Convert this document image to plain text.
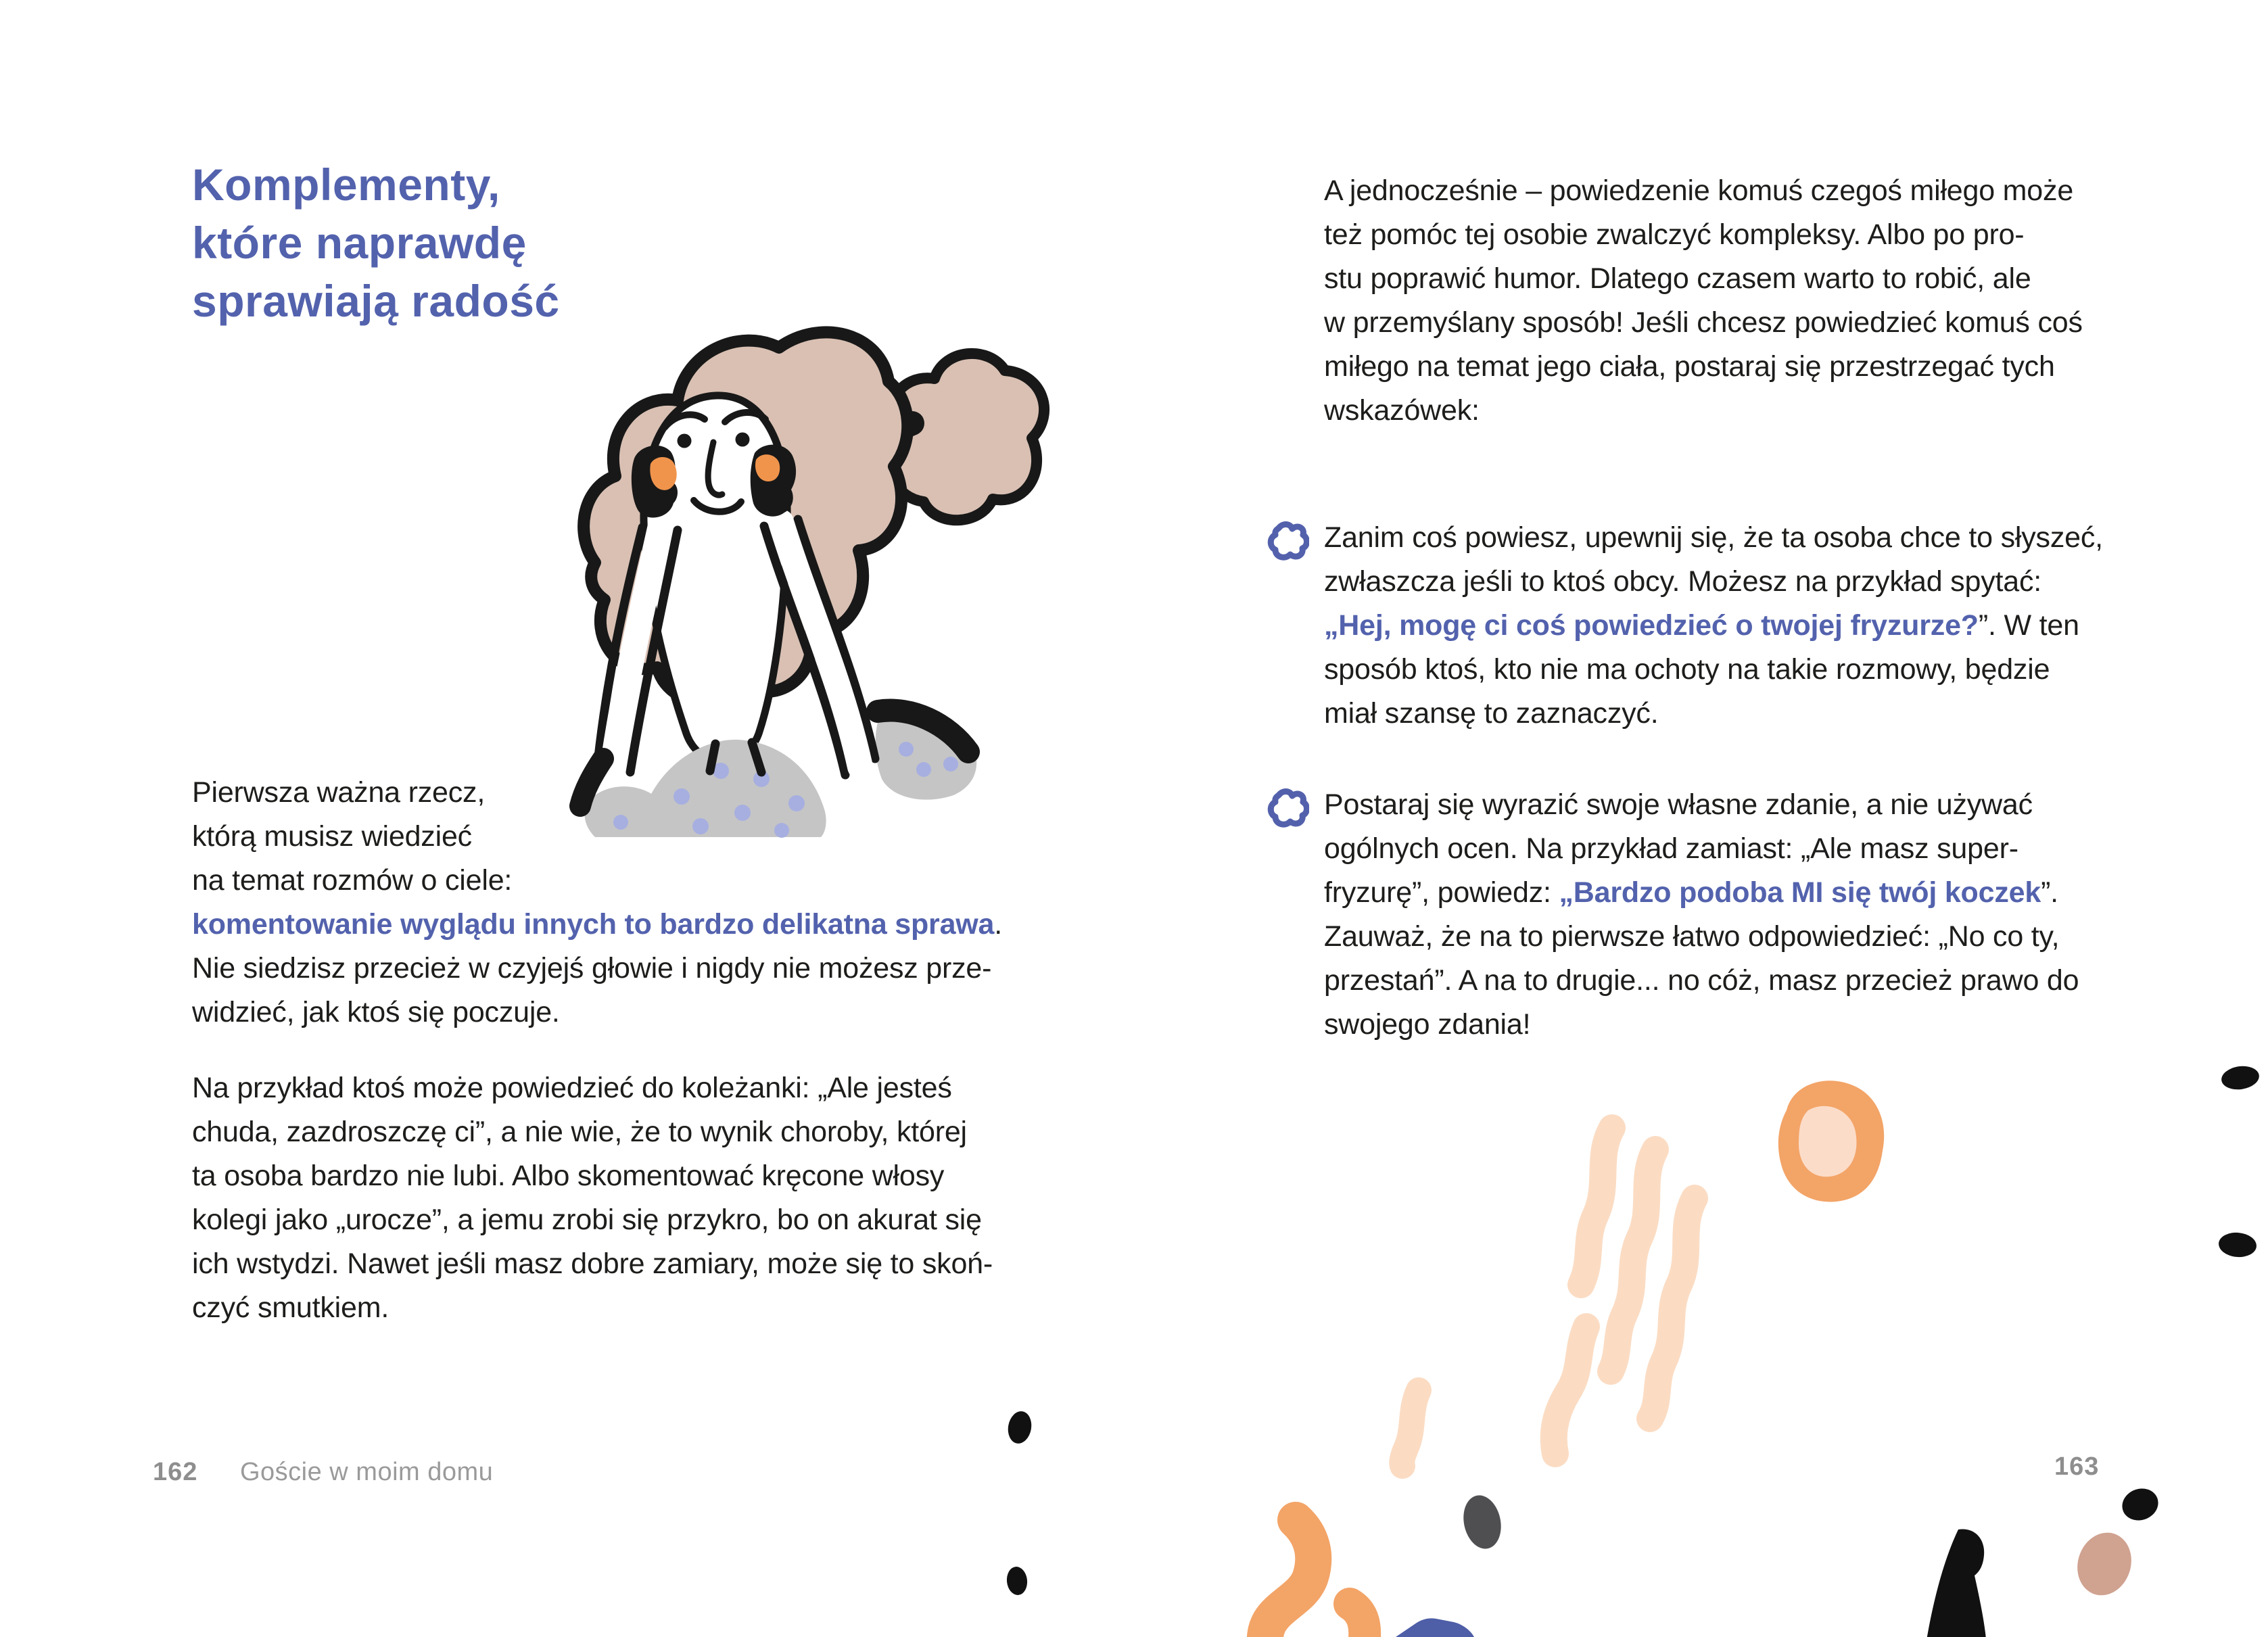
Komplementy,
które naprawdę
sprawiają radość
Pierwsza ważna rzecz,
którą musisz wiedzieć
na temat rozmów o ciele:
komentowanie wyglądu innych to bardzo delikatna sprawa.
Nie siedzisz przecież w czyjejś głowie i nigdy nie możesz prze-
widzieć, jak ktoś się poczuje.
Na przykład ktoś może powiedzieć do koleżanki: „Ale jesteś
chuda, zazdroszczę ci”, a nie wie, że to wynik choroby, której
ta osoba bardzo nie lubi. Albo skomentować kręcone włosy
kolegi jako „urocze”, a jemu zrobi się przykro, bo on akurat się
ich wstydzi. Nawet jeśli masz dobre zamiary, może się to skoń-
czyć smutkiem.
162 Goście w moim domu
A jednocześnie – powiedzenie komuś czegoś miłego może
też pomóc tej osobie zwalczyć kompleksy. Albo po pro-
stu poprawić humor. Dlatego czasem warto to robić, ale
w przemyślany sposób! Jeśli chcesz powiedzieć komuś coś
miłego na temat jego ciała, postaraj się przestrzegać tych
wskazówek:
Zanim coś powiesz, upewnij się, że ta osoba chce to słyszeć,
zwłaszcza jeśli to ktoś obcy. Możesz na przykład spytać:
„Hej, mogę ci coś powiedzieć o twojej fryzurze?”. W ten
sposób ktoś, kto nie ma ochoty na takie rozmowy, będzie
miał szansę to zaznaczyć.
Postaraj się wyrazić swoje własne zdanie, a nie używać
ogólnych ocen. Na przykład zamiast: „Ale masz super-
fryzurę”, powiedz: „Bardzo podoba MI się twój koczek”.
Zauważ, że na to pierwsze łatwo odpowiedzieć: „No co ty,
przestań”. A na to drugie... no cóż, masz przecież prawo do
swojego zdania!
163
